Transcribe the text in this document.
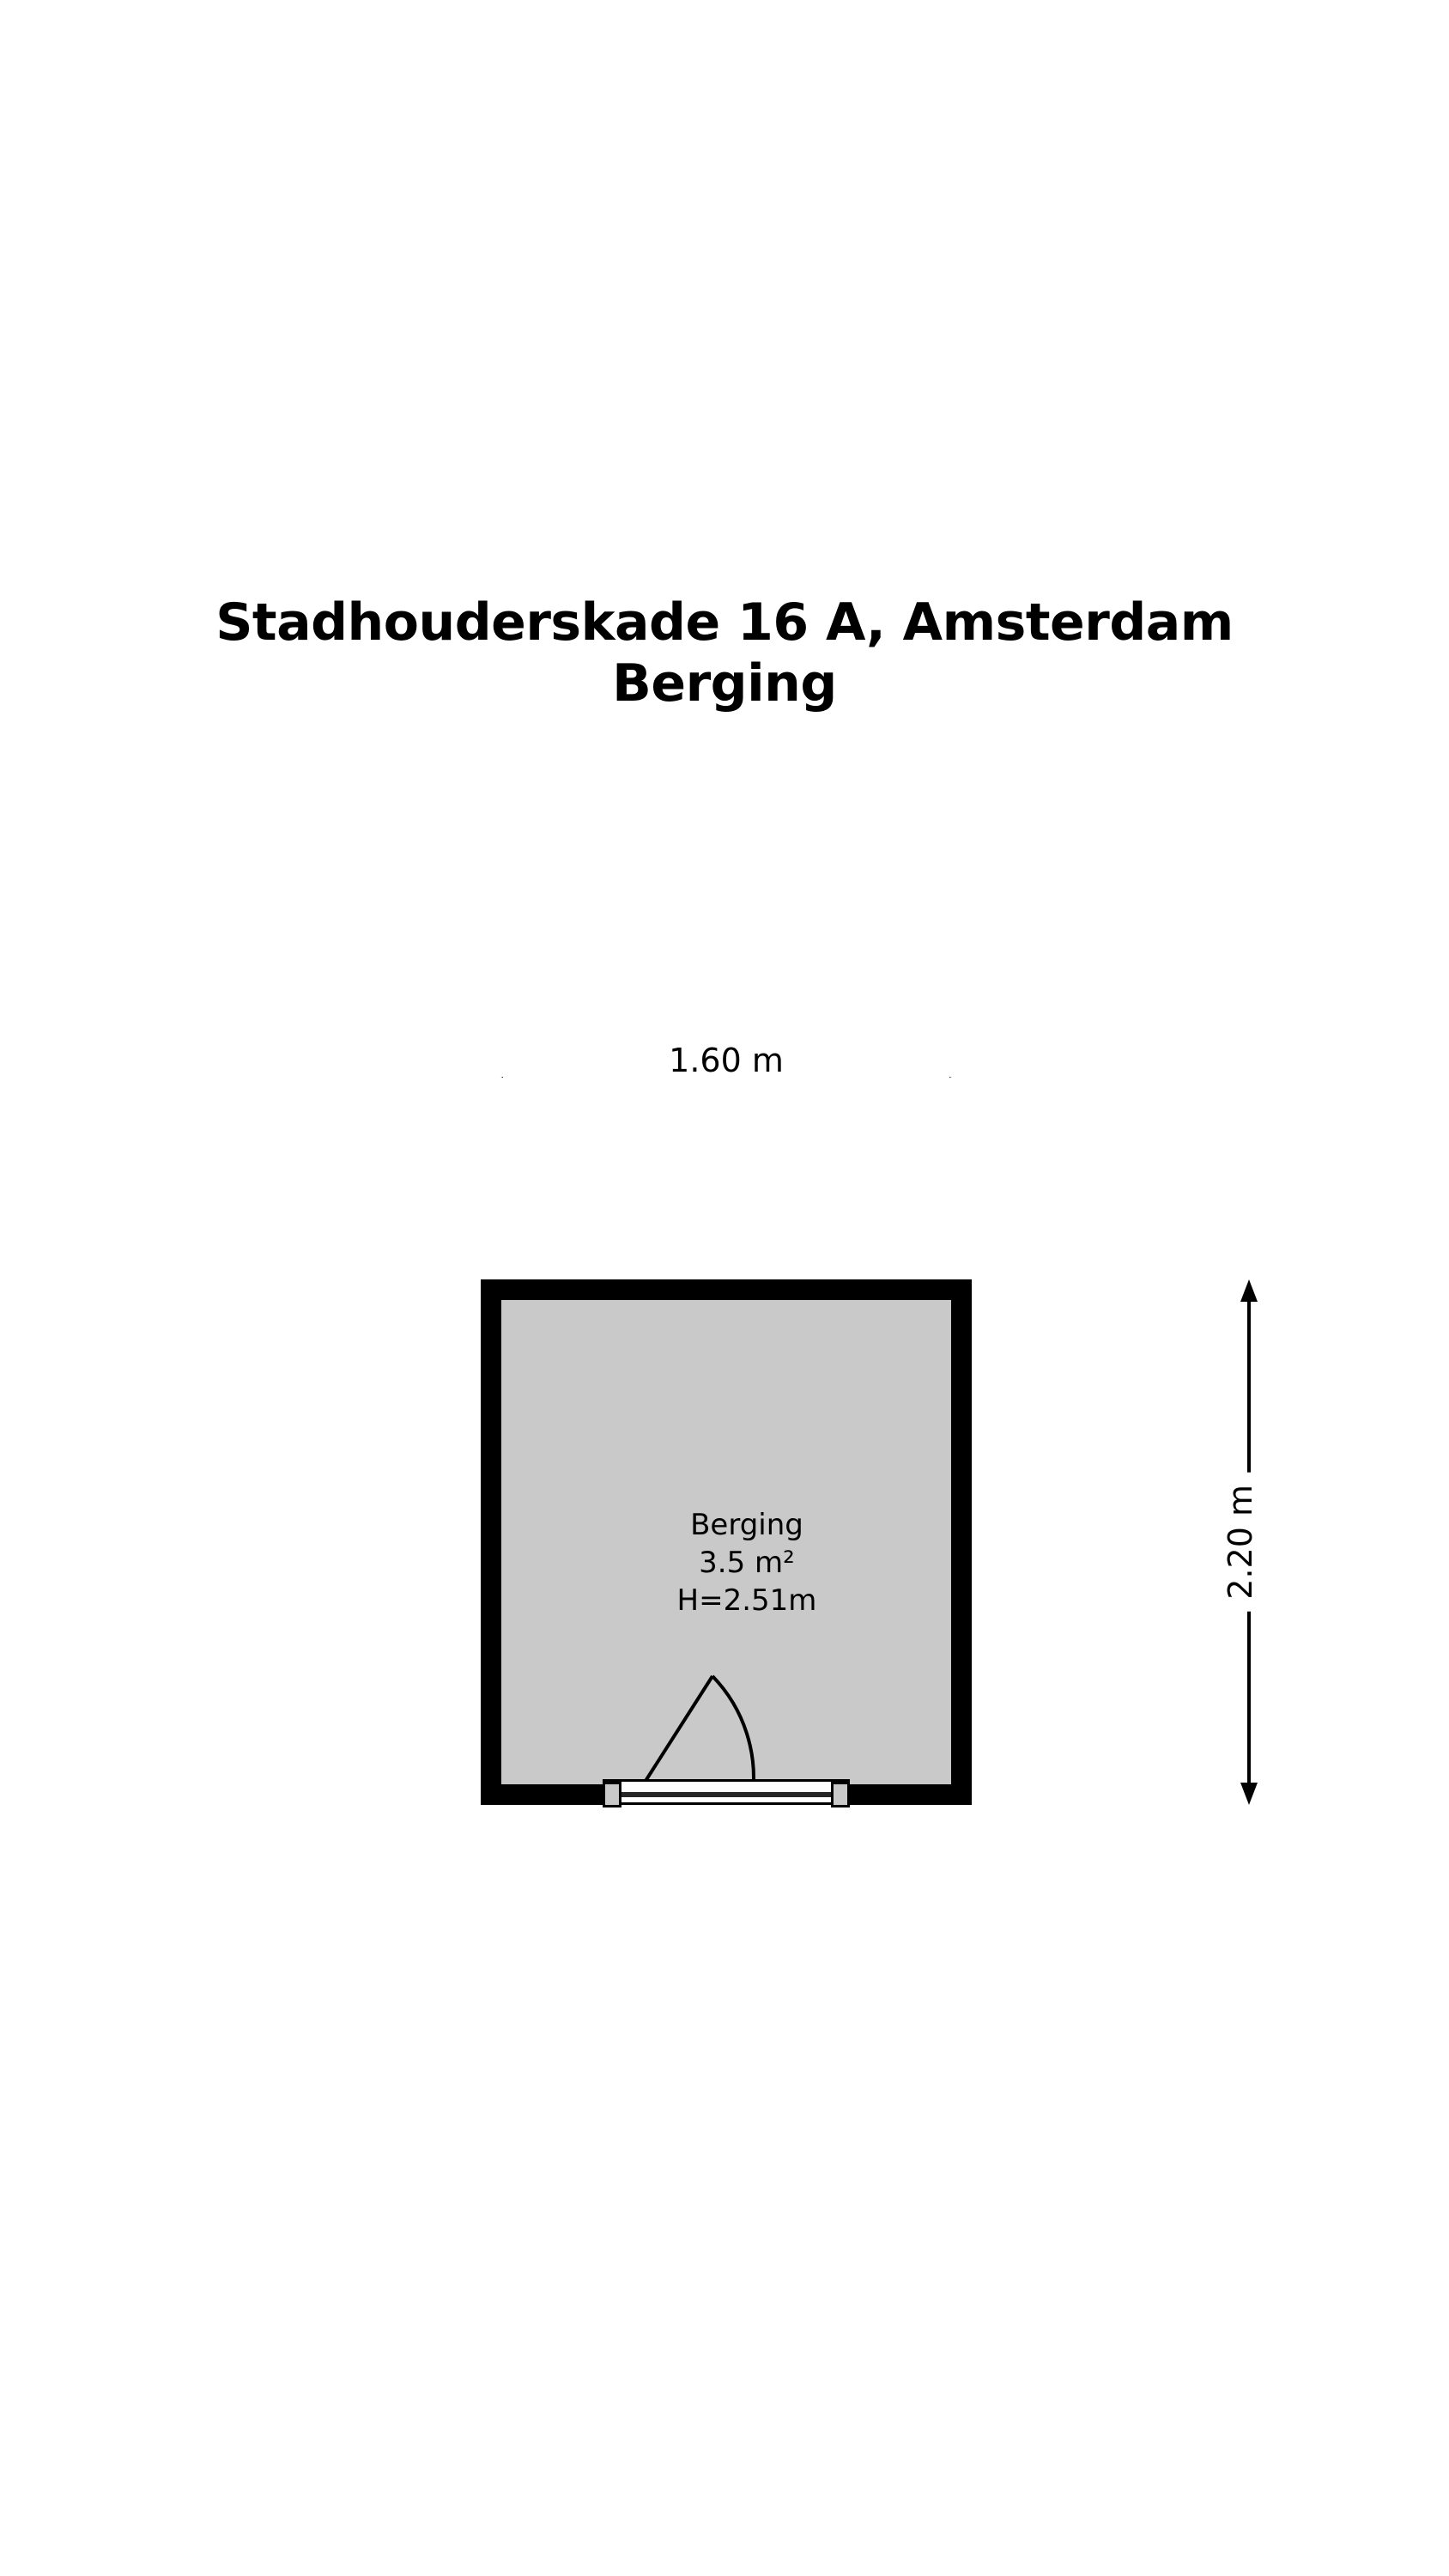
Stadhouderskade 16 A, Amsterdam
Berging
1.60 m
2.20 m
Berging
3.5 m²
H=2.51m
